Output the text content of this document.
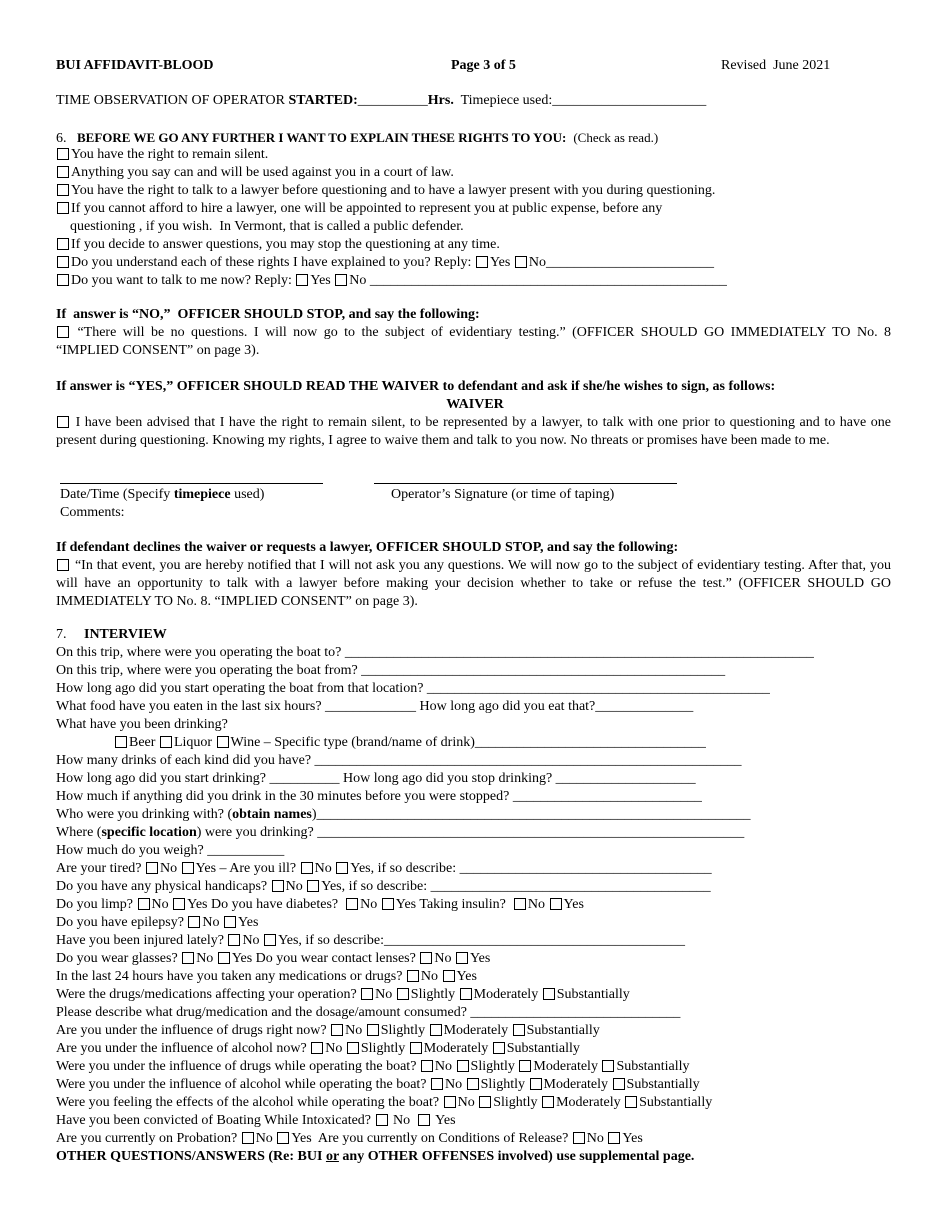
BUI AFFIDAVIT-BLOOD	Page 3 of 5	Revised  June 2021
TIME OBSERVATION OF OPERATOR STARTED:__________Hrs.  Timepiece used:______________________
6. BEFORE WE GO ANY FURTHER I WANT TO EXPLAIN THESE RIGHTS TO YOU: (Check as read.)
You have the right to remain silent.
Anything you say can and will be used against you in a court of law.
You have the right to talk to a lawyer before questioning and to have a lawyer present with you during questioning.
If you cannot afford to hire a lawyer, one will be appointed to represent you at public expense, before any
questioning , if you wish.  In Vermont, that is called a public defender.
If you decide to answer questions, you may stop the questioning at any time.
Do you understand each of these rights I have explained to you? Reply: Yes No________________________
Do you want to talk to me now? Reply: Yes No ___________________________________________________
If  answer is “NO,”  OFFICER SHOULD STOP, and say the following:
“There will be no questions. I will now go to the subject of evidentiary testing.” (OFFICER SHOULD GO IMMEDIATELY TO No. 8 “IMPLIED CONSENT” on page 3).
If answer is “YES,” OFFICER SHOULD READ THE WAIVER to defendant and ask if she/he wishes to sign, as follows:
WAIVER
I have been advised that I have the right to remain silent, to be represented by a lawyer, to talk with one prior to questioning and to have one present during questioning. Knowing my rights, I agree to waive them and talk to you now. No threats or promises have been made to me.
Date/Time (Specify timepiece used)	Operator’s Signature (or time of taping)
Comments:
If defendant declines the waiver or requests a lawyer, OFFICER SHOULD STOP, and say the following:
“In that event, you are hereby notified that I will not ask you any questions. We will now go to the subject of evidentiary testing. After that, you will have an opportunity to talk with a lawyer before making your decision whether to take or refuse the test.” (OFFICER SHOULD GO IMMEDIATELY TO No. 8. “IMPLIED CONSENT” on page 3).
7. INTERVIEW
On this trip, where were you operating the boat to? ___________________________________________________________________
On this trip, where were you operating the boat from? ____________________________________________________
How long ago did you start operating the boat from that location? _________________________________________________
What food have you eaten in the last six hours? _____________ How long ago did you eat that?______________
What have you been drinking?
Beer Liquor Wine – Specific type (brand/name of drink)_________________________________
How many drinks of each kind did you have? _____________________________________________________________
How long ago did you start drinking? __________ How long ago did you stop drinking? ____________________
How much if anything did you drink in the 30 minutes before you were stopped? ___________________________
Who were you drinking with? (obtain names)______________________________________________________________
Where (specific location) were you drinking? _____________________________________________________________
How much do you weigh? ___________
Are your tired? No Yes – Are you ill? No Yes, if so describe: ____________________________________
Do you have any physical handicaps? No Yes, if so describe: ________________________________________
Do you limp? No Yes Do you have diabetes?  No Yes Taking insulin?  No Yes
Do you have epilepsy? No Yes
Have you been injured lately? No Yes, if so describe:___________________________________________
Do you wear glasses? No Yes Do you wear contact lenses? No Yes
In the last 24 hours have you taken any medications or drugs? No Yes
Were the drugs/medications affecting your operation? No Slightly Moderately Substantially
Please describe what drug/medication and the dosage/amount consumed? ______________________________
Are you under the influence of drugs right now? No Slightly Moderately Substantially
Are you under the influence of alcohol now? No Slightly Moderately Substantially
Were you under the influence of drugs while operating the boat? No Slightly Moderately Substantially
Were you under the influence of alcohol while operating the boat? No Slightly Moderately Substantially
Were you feeling the effects of the alcohol while operating the boat? No Slightly Moderately Substantially
Have you been convicted of Boating While Intoxicated?  No Yes
Are you currently on Probation? No Yes  Are you currently on Conditions of Release? No Yes
OTHER QUESTIONS/ANSWERS (Re: BUI or any OTHER OFFENSES involved) use supplemental page.
